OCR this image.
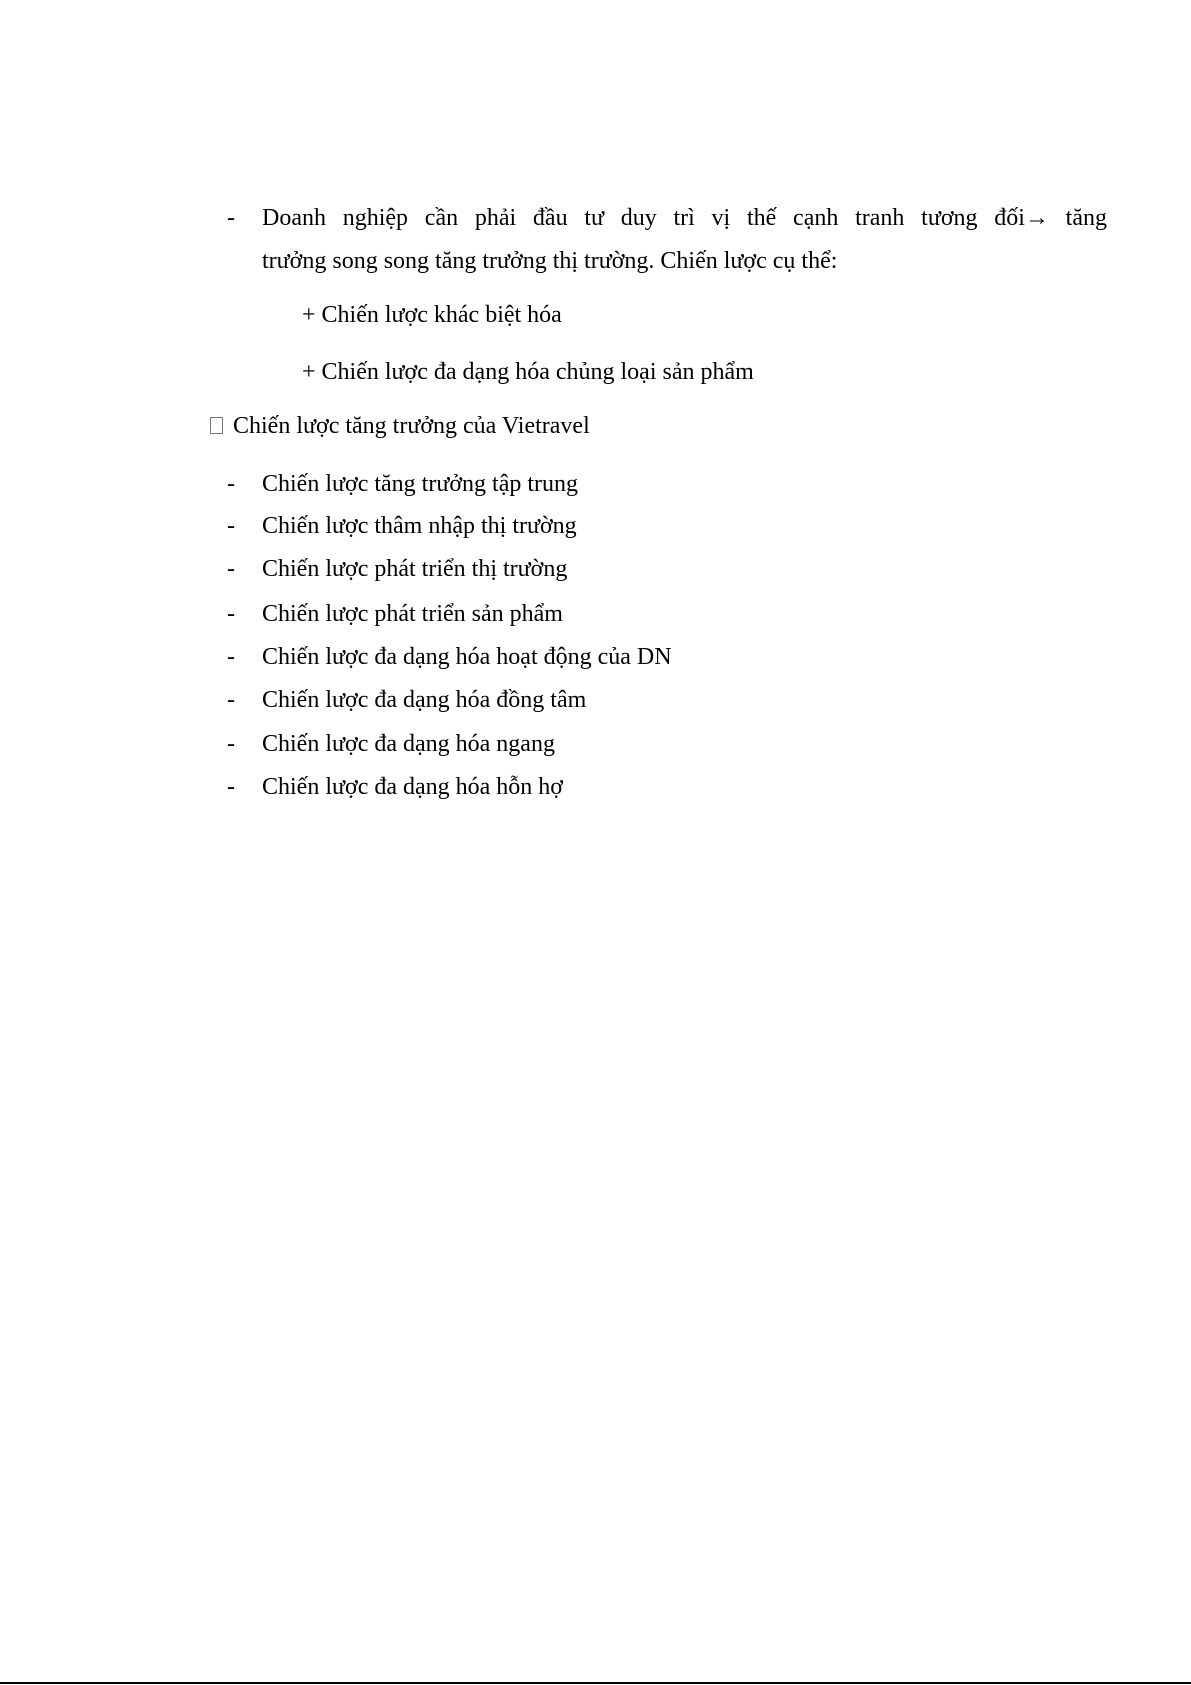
- Doanh nghiệp cần phải đầu tư duy trì vị thế cạnh tranh tương đối→ tăng
trưởng song song tăng trưởng thị trường. Chiến lược cụ thể:
+ Chiến lược khác biệt hóa
+ Chiến lược đa dạng hóa chủng loại sản phẩm
Chiến lược tăng trưởng của Vietravel
- Chiến lược tăng trưởng tập trung
- Chiến lược thâm nhập thị trường
- Chiến lược phát triển thị trường
- Chiến lược phát triển sản phẩm
- Chiến lược đa dạng hóa hoạt động của DN
- Chiến lược đa dạng hóa đồng tâm
- Chiến lược đa dạng hóa ngang
- Chiến lược đa dạng hóa hỗn hợ
